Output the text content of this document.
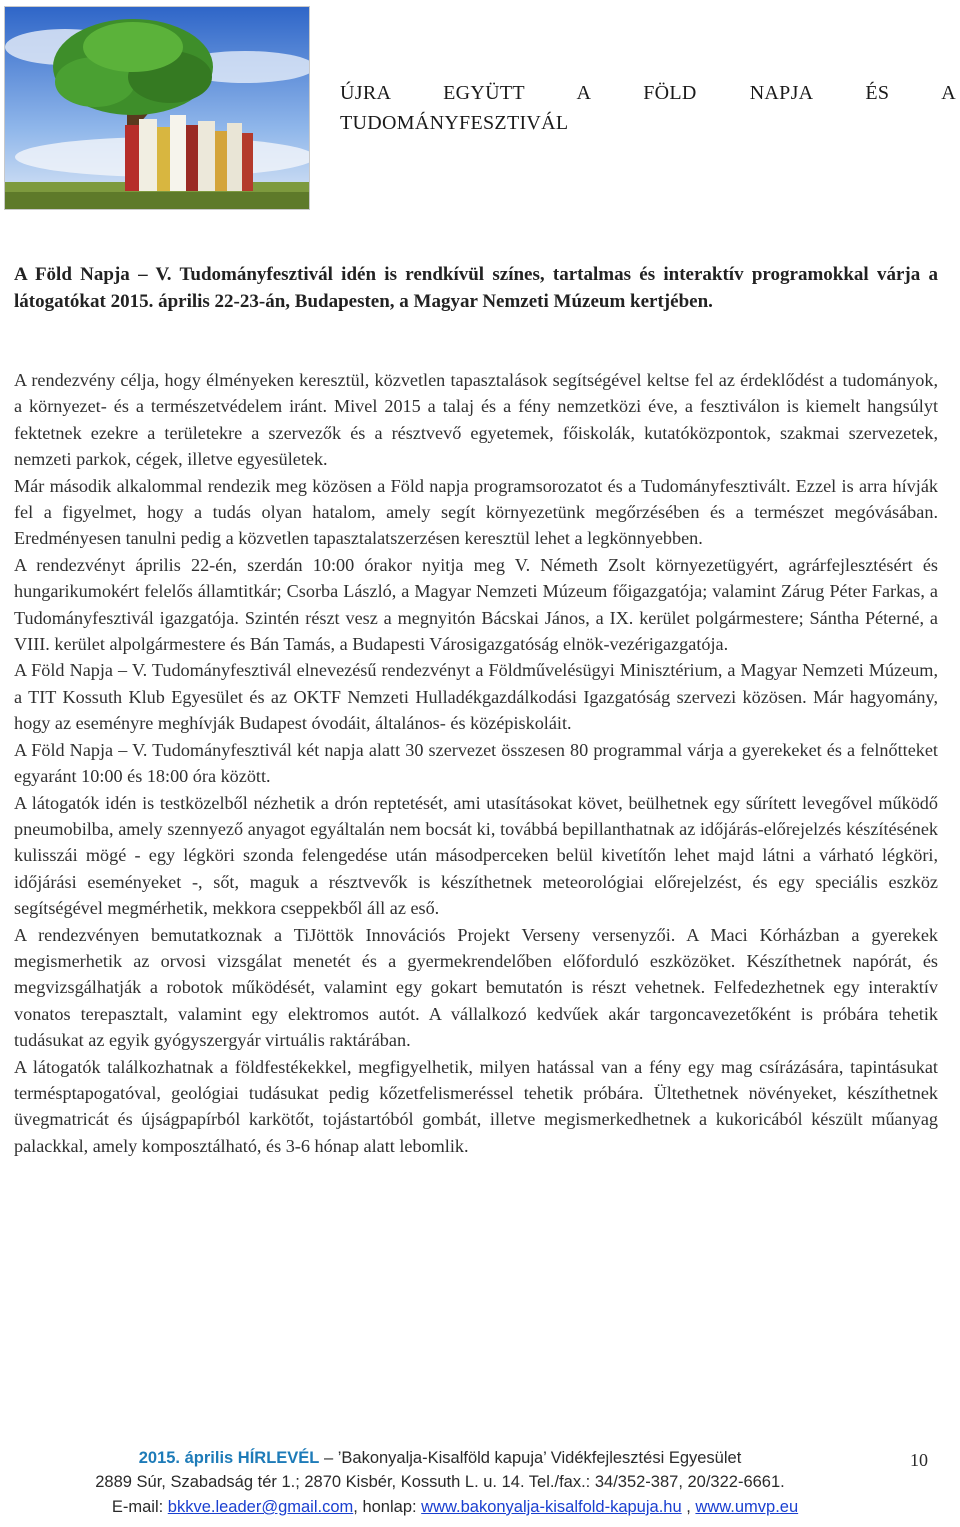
ÚJRA	EGYÜTT	A	FÖLD	NAPJA	ÉS	A
TUDOMÁNYFESZTIVÁL
A Föld Napja – V. Tudományfesztivál idén is rendkívül színes, tartalmas és interaktív programokkal várja a látogatókat 2015. április 22-23-án, Budapesten, a Magyar Nemzeti Múzeum kertjében.

A rendezvény célja, hogy élményeken keresztül, közvetlen tapasztalások segítségével keltse fel az érdeklődést a tudományok, a környezet- és a természetvédelem iránt. Mivel 2015 a talaj és a fény nemzetközi éve, a fesztiválon is kiemelt hangsúlyt fektetnek ezekre a területekre a szervezők és a résztvevő egyetemek, főiskolák, kutatóközpontok, szakmai szervezetek, nemzeti parkok, cégek, illetve egyesületek.

Már második alkalommal rendezik meg közösen a Föld napja programsorozatot és a Tudományfesztivált. Ezzel is arra hívják fel a figyelmet, hogy a tudás olyan hatalom, amely segít környezetünk megőrzésében és a természet megóvásában. Eredményesen tanulni pedig a közvetlen tapasztalatszerzésen keresztül lehet a legkönnyebben.

A rendezvényt április 22-én, szerdán 10:00 órakor nyitja meg V. Németh Zsolt környezetügyért, agrárfejlesztésért és hungarikumokért felelős államtitkár; Csorba László, a Magyar Nemzeti Múzeum főigazgatója; valamint Zárug Péter Farkas, a Tudományfesztivál igazgatója. Szintén részt vesz a megnyitón Bácskai János, a IX. kerület polgármestere; Sántha Péterné, a VIII. kerület alpolgármestere és Bán Tamás, a Budapesti Városigazgatóság elnök-vezérigazgatója.

A Föld Napja – V. Tudományfesztivál elnevezésű rendezvényt a Földművelésügyi Minisztérium, a Magyar Nemzeti Múzeum, a TIT Kossuth Klub Egyesület és az OKTF Nemzeti Hulladékgazdálkodási Igazgatóság szervezi közösen. Már hagyomány, hogy az eseményre meghívják Budapest óvodáit, általános- és középiskoláit.

A Föld Napja – V. Tudományfesztivál két napja alatt 30 szervezet összesen 80 programmal várja a gyerekeket és a felnőtteket egyaránt 10:00 és 18:00 óra között.

A látogatók idén is testközelből nézhetik a drón reptetését, ami utasításokat követ, beülhetnek egy sűrített levegővel működő pneumobilba, amely szennyező anyagot egyáltalán nem bocsát ki, továbbá bepillanthatnak az időjárás-előrejelzés készítésének kulisszái mögé - egy légköri szonda felengedése után másodperceken belül kivetítőn lehet majd látni a várható légköri, időjárási eseményeket -, sőt, maguk a résztvevők is készíthetnek meteorológiai előrejelzést, és egy speciális eszköz segítségével megmérhetik, mekkora cseppekből áll az eső.

A rendezvényen bemutatkoznak a TiJöttök Innovációs Projekt Verseny versenyzői. A Maci Kórházban a gyerekek megismerhetik az orvosi vizsgálat menetét és a gyermekrendelőben előforduló eszközöket. Készíthetnek napórát, és megvizsgálhatják a robotok működését, valamint egy gokart bemutatón is részt vehetnek. Felfedezhetnek egy interaktív vonatos terepasztalt, valamint egy elektromos autót. A vállalkozó kedvűek akár targoncavezetőként is próbára tehetik tudásukat az egyik gyógyszergyár virtuális raktárában.

A látogatók találkozhatnak a földfestékekkel, megfigyelhetik, milyen hatással van a fény egy mag csírázására, tapintásukat termésptapogatóval, geológiai tudásukat pedig kőzetfelismeréssel tehetik próbára. Ültethetnek növényeket, készíthetnek üvegmatricát és újságpapírból karkötőt, tojástartóból gombát, illetve megismerkedhetnek a kukoricából készült műanyag palackkal, amely komposztálható, és 3-6 hónap alatt lebomlik.

2015. április HÍRLEVÉL – ’Bakonyalja-Kisalföld kapuja’ Vidékfejlesztési Egyesület	10
2889 Súr, Szabadság tér 1.; 2870 Kisbér, Kossuth L. u. 14. Tel./fax.: 34/352-387, 20/322-6661.
E-mail: bkkve.leader@gmail.com, honlap: www.bakonyalja-kisalfold-kapuja.hu , www.umvp.eu
